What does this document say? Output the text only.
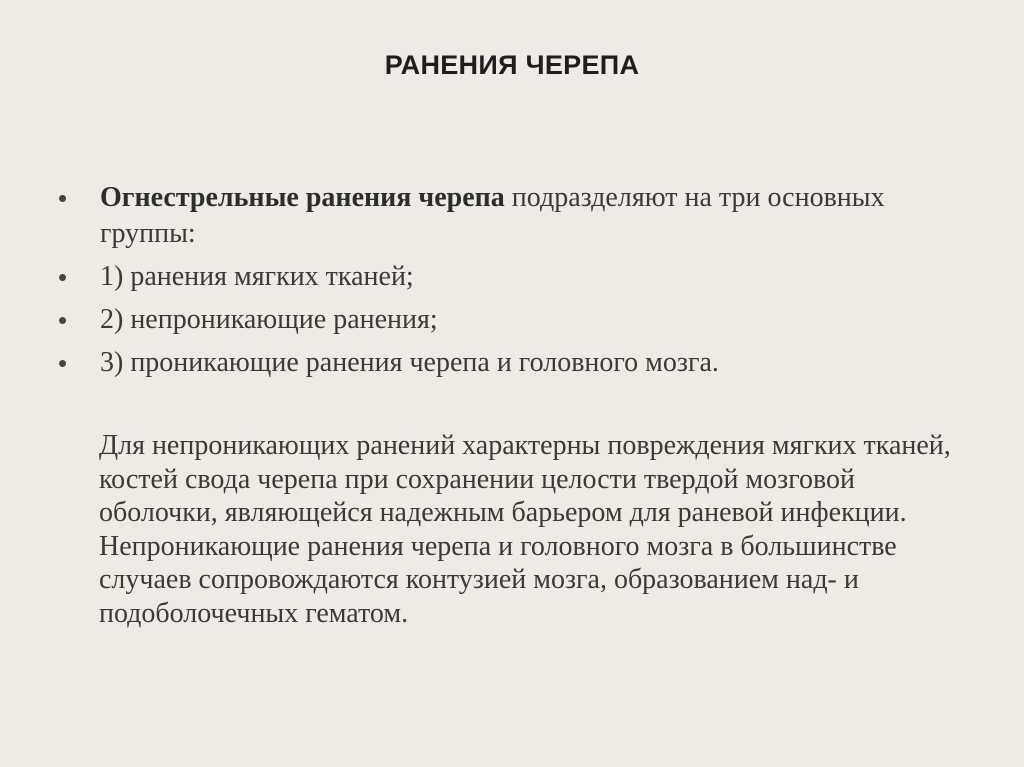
РАНЕНИЯ ЧЕРЕПА
•	Огнестрельные ранения черепа подразделяют на три основных группы:
•	1) ранения мягких тканей;
•	2) непроникающие ранения;
•	3) проникающие ранения черепа и головного мозга.

Для непроникающих ранений характерны повреждения мягких тканей, костей свода черепа при сохранении целости твердой мозговой оболочки, являющейся надежным барьером для раневой инфекции. Непроникающие ранения черепа и головного мозга в большинстве случаев сопровождаются контузией мозга, образованием над- и подоболочечных гематом.
